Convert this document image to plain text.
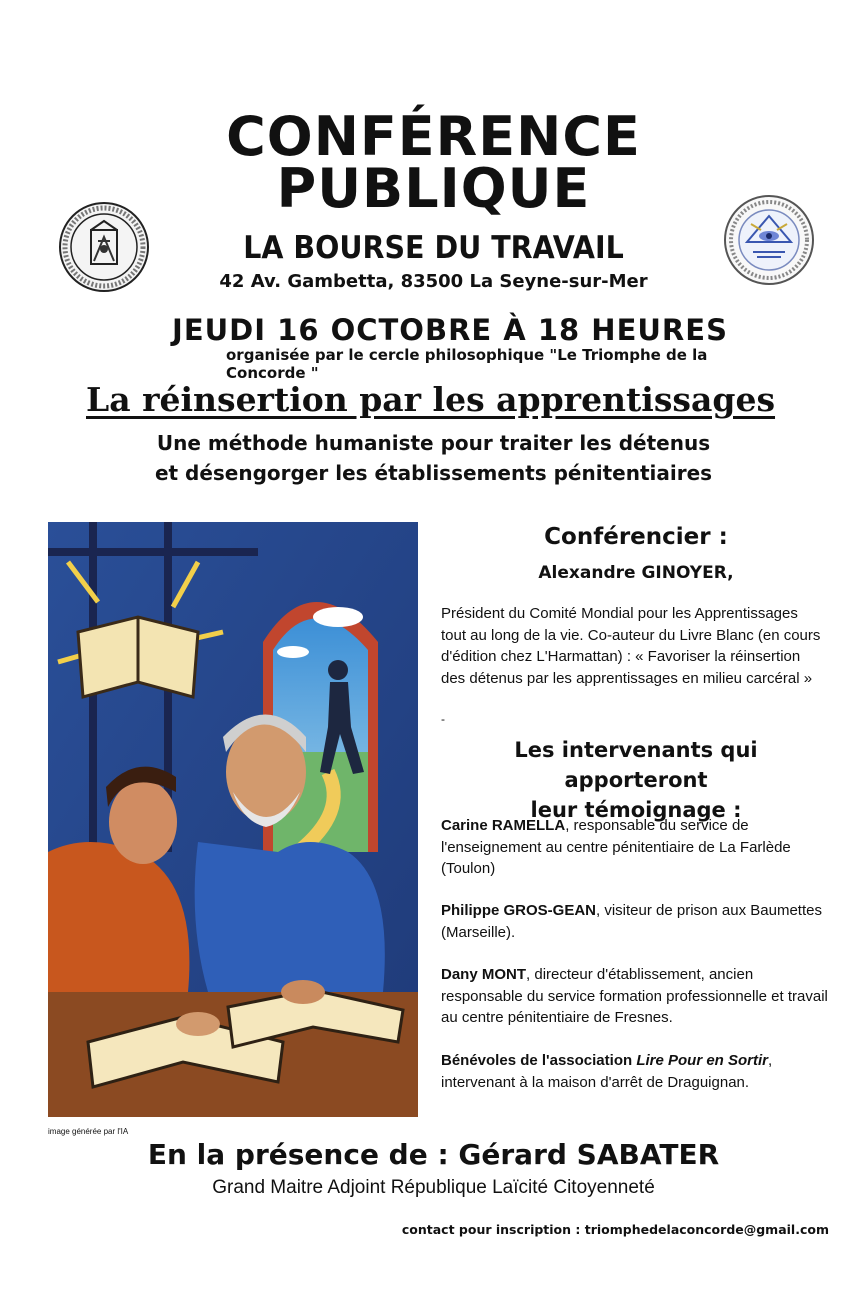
CONFÉRENCE
PUBLIQUE
LA BOURSE DU TRAVAIL
42 Av. Gambetta, 83500 La Seyne-sur-Mer
JEUDI 16 OCTOBRE À 18 HEURES
organisée par le cercle philosophique "Le Triomphe de la Concorde "
La réinsertion par les apprentissages
Une méthode humaniste pour traiter les détenus
et désengorger les établissements pénitentiaires
image générée par l'IA
Conférencier :
Alexandre GINOYER,
Président du Comité Mondial pour les Apprentissages tout au long de la vie. Co-auteur du Livre Blanc (en cours d'édition chez L'Harmattan) : « Favoriser la réinsertion des détenus par les apprentissages en milieu carcéral »
-
Les intervenants qui apporteront
leur témoignage :
Carine RAMELLA, responsable du service de l'enseignement au centre pénitentiaire de La Farlède (Toulon)
Philippe GROS-GEAN, visiteur de prison aux Baumettes (Marseille).
Dany MONT, directeur d'établissement, ancien responsable du service formation professionnelle et travail au centre pénitentiaire de Fresnes.
Bénévoles de l'association Lire Pour en Sortir,
intervenant à la maison d'arrêt de Draguignan.
En la présence de : Gérard SABATER
Grand Maitre Adjoint République Laïcité Citoyenneté
contact pour inscription : triomphedelaconcorde@gmail.com
